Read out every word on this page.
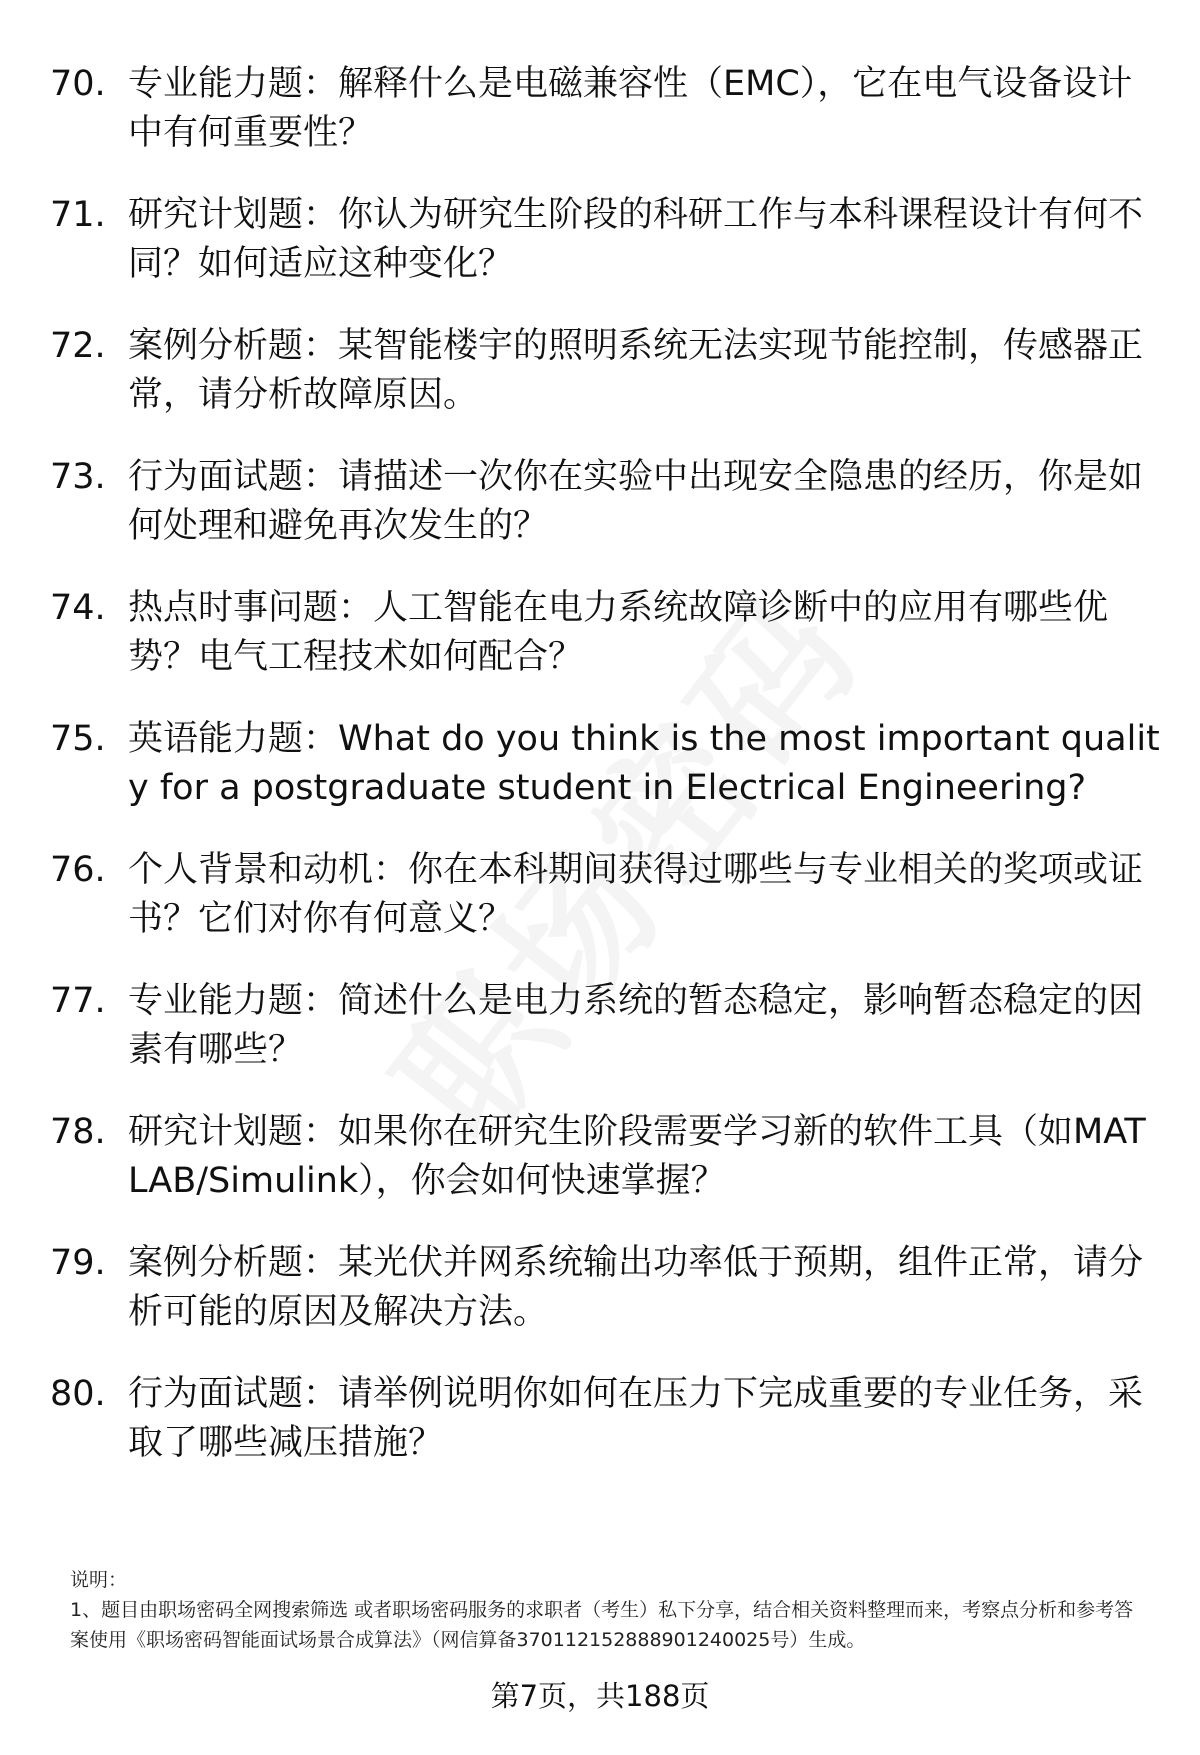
70. 专业能力题：解释什么是电磁兼容性（EMC），它在电气设备设计中有何重要性？
71. 研究计划题：你认为研究生阶段的科研工作与本科课程设计有何不同？如何适应这种变化？
72. 案例分析题：某智能楼宇的照明系统无法实现节能控制，传感器正常，请分析故障原因。
73. 行为面试题：请描述一次你在实验中出现安全隐患的经历，你是如何处理和避免再次发生的？
74. 热点时事问题：人工智能在电力系统故障诊断中的应用有哪些优势？电气工程技术如何配合？
75. 英语能力题：What do you think is the most important quality for a postgraduate student in Electrical Engineering?
76. 个人背景和动机：你在本科期间获得过哪些与专业相关的奖项或证书？它们对你有何意义？
77. 专业能力题：简述什么是电力系统的暂态稳定，影响暂态稳定的因素有哪些？
78. 研究计划题：如果你在研究生阶段需要学习新的软件工具（如MATLAB/Simulink），你会如何快速掌握？
79. 案例分析题：某光伏并网系统输出功率低于预期，组件正常，请分析可能的原因及解决方法。
80. 行为面试题：请举例说明你如何在压力下完成重要的专业任务，采取了哪些减压措施？
说明：
1、题目由职场密码全网搜索筛选 或者职场密码服务的求职者（考生）私下分享，结合相关资料整理而来，考察点分析和参考答案使用《职场密码智能面试场景合成算法》（网信算备370112152888901240025号）生成。
第7页，共188页
